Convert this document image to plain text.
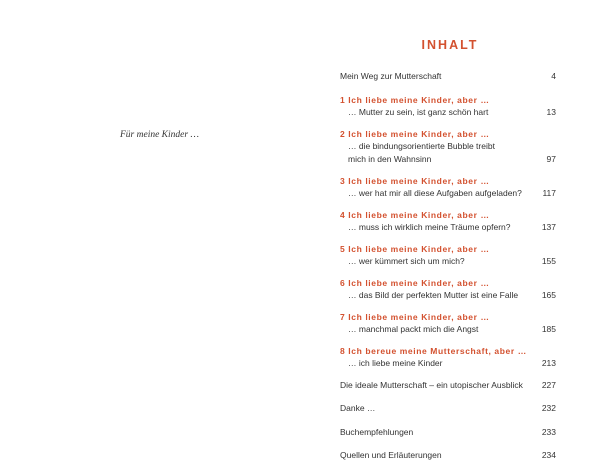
Für meine Kinder …
INHALT
Mein Weg zur Mutterschaft	4
1 Ich liebe meine Kinder, aber …
… Mutter zu sein, ist ganz schön hart	13
2 Ich liebe meine Kinder, aber …
… die bindungsorientierte Bubble treibt
mich in den Wahnsinn	97
3 Ich liebe meine Kinder, aber …
… wer hat mir all diese Aufgaben aufgeladen?	117
4 Ich liebe meine Kinder, aber …
… muss ich wirklich meine Träume opfern?	137
5 Ich liebe meine Kinder, aber …
… wer kümmert sich um mich?	155
6 Ich liebe meine Kinder, aber …
… das Bild der perfekten Mutter ist eine Falle	165
7 Ich liebe meine Kinder, aber …
… manchmal packt mich die Angst	185
8 Ich bereue meine Mutterschaft, aber …
… ich liebe meine Kinder	213
Die ideale Mutterschaft – ein utopischer Ausblick	227
Danke …	232
Buchempfehlungen	233
Quellen und Erläuterungen	234
